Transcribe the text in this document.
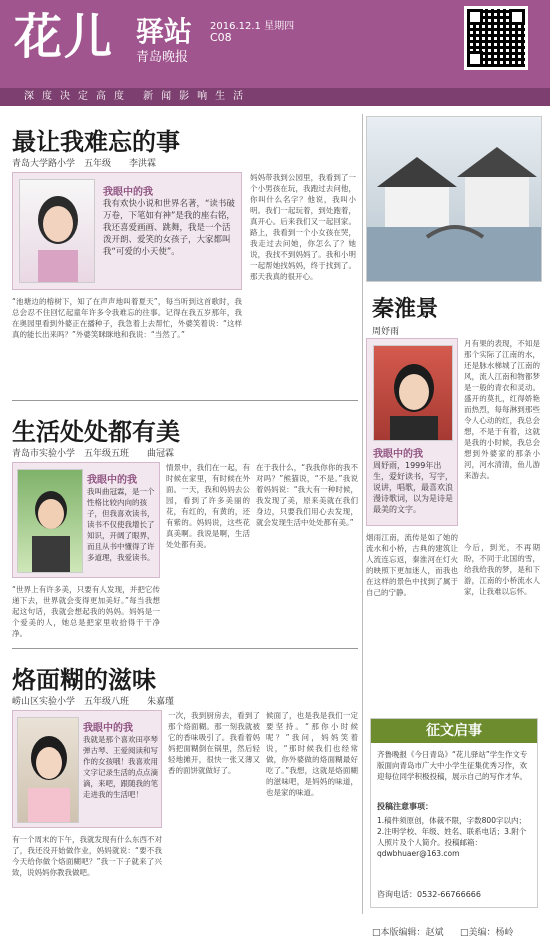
花儿 驿站
青岛晚报
2016.12.1 星期四
C08
深度决定高度 新闻影响生活
最让我难忘的事
青岛大学路小学　五年级　　李洪霖
我眼中的我
我有欢快小说和世界名著，“读书破万卷，下笔如有神”是我的座右铭，我还喜爱画画、跳舞，我是一个活泼开朗、爱笑的女孩子，大家都叫我“可爱的小天使”。
“池塘边的榕树下，知了在声声地叫着夏天”，每当听到这首歌时，我总会忍不住回忆起童年许多令我难忘的往事。记得在我五岁那年，我在奥园里看到外婆正在播种子，我急着上去帮忙，外婆笑着说：“这样真的能长出来吗？”外婆笑眯眯地和我说：“当然了。”
妈妈带我到公园里，我看到了一个小男孩在玩，我跑过去问他，你叫什么名字？他说，我叫小明。我们一起玩着，到处跑着，真开心。后来我们又一起回家。路上，我看到一个小女孩在哭，我走过去问她，你怎么了？她说，我找不到妈妈了。我和小明一起帮她找妈妈，终于找到了。那天我真的很开心。
生活处处都有美
青岛市实验小学　五年级五班　　曲冠霖
我眼中的我
我叫曲冠霖，是一个性格比较内向的孩子，但我喜欢读书，读书不仅使我增长了知识，开阔了眼界，而且从书中懂得了许多道理，我爱读书。
“世界上有许多美，只要有人发现，并把它传递下去，世界就会变得更加美好。”每当我想起这句话，我就会想起我的妈妈。妈妈是一个爱美的人，她总是把家里收拾得干干净净。
情景中，我们在一起，有时候在家里，有时候在外面。一天，我和妈妈去公园，看到了许多美丽的花，有红的，有黄的，还有紫的。妈妈说，这些花真美啊。我说是啊，生活处处都有美。
在于我什么，“我我你你的我不对吗？”熊猫说，“不是。”我说着妈妈说：“我大有一种时候，我发现了美，原来美就在我们身边，只要我们用心去发现，就会发现生活中处处都有美。”
烙面糊的滋味
崂山区实验小学　五年级八班　　朱嘉瑾
我眼中的我
我就是那个喜欢田亭琴弹古琴、王爱阅读和写作的女孩哦！我喜欢用文字记录生活的点点滴滴，来吧，跟随我的笔走进我的生活吧！
有一个周末的下午，我就发现有什么东西不对了，我还没开始做作业，妈妈就说：“要不我今天给你做个烙面糊吧？”我一下子就来了兴致，说妈妈你教我做吧。
一次，我到厨房去，看到了那个烙面糊。那一刻我就被它的香味吸引了。我看着妈妈把面糊倒在锅里，然后轻轻地摊开，很快一张又薄又香的面饼就做好了。
候面了，也是我是我们一定要坚持。“那你小时候呢？”我问，妈妈笑着说，“那时候我们也经常做，你外婆做的烙面糊最好吃了。”我想，这就是烙面糊的滋味吧，是妈妈的味道，也是家的味道。
秦淮景
周妤雨
我眼中的我
周妤雨，1999年出生，爱好读书，写字，说讲，唱歌，最喜欢浪漫诗歌词，以为是诗是最美的文字。
月有果的表现，不知是那个实际了江南的水，还是脉水梯城了江南的风，流人江南和物都梦是一般的青衣和灵动。盛开的莫扎，红得娇艳而热烈，每每淋到那些令人心动的红，我总会想，不是于有着，这就是我的小时候，我总会想到外婆家的那条小河，河水清清，鱼儿游来游去。
今后，到光，不再期盼，不同于北国的雪，给我给我的梦，是和下游，江南的小桥流水人家，让我难以忘怀。
烟雨江南，流传是如了她的流水和小桥，古典的建筑让人流连忘返，秦淮河在灯火的映照下更加迷人，而我也在这样的景色中找到了属于自己的宁静。
征文启事
齐鲁晚报《今日青岛》“花儿驿站”学生作文专版面向青岛市广大中小学生征集优秀习作，欢迎每位同学积极投稿，展示自己的写作才华。
投稿注意事项：
1.稿件须原创，体裁不限，字数800字以内；2.注明学校、年级、姓名、联系电话；3.附个人照片及个人简介。投稿邮箱：qdwbhuaer@163.com
咨询电话：0532-66766666
□本版编辑：赵斌 □美编：杨岭
